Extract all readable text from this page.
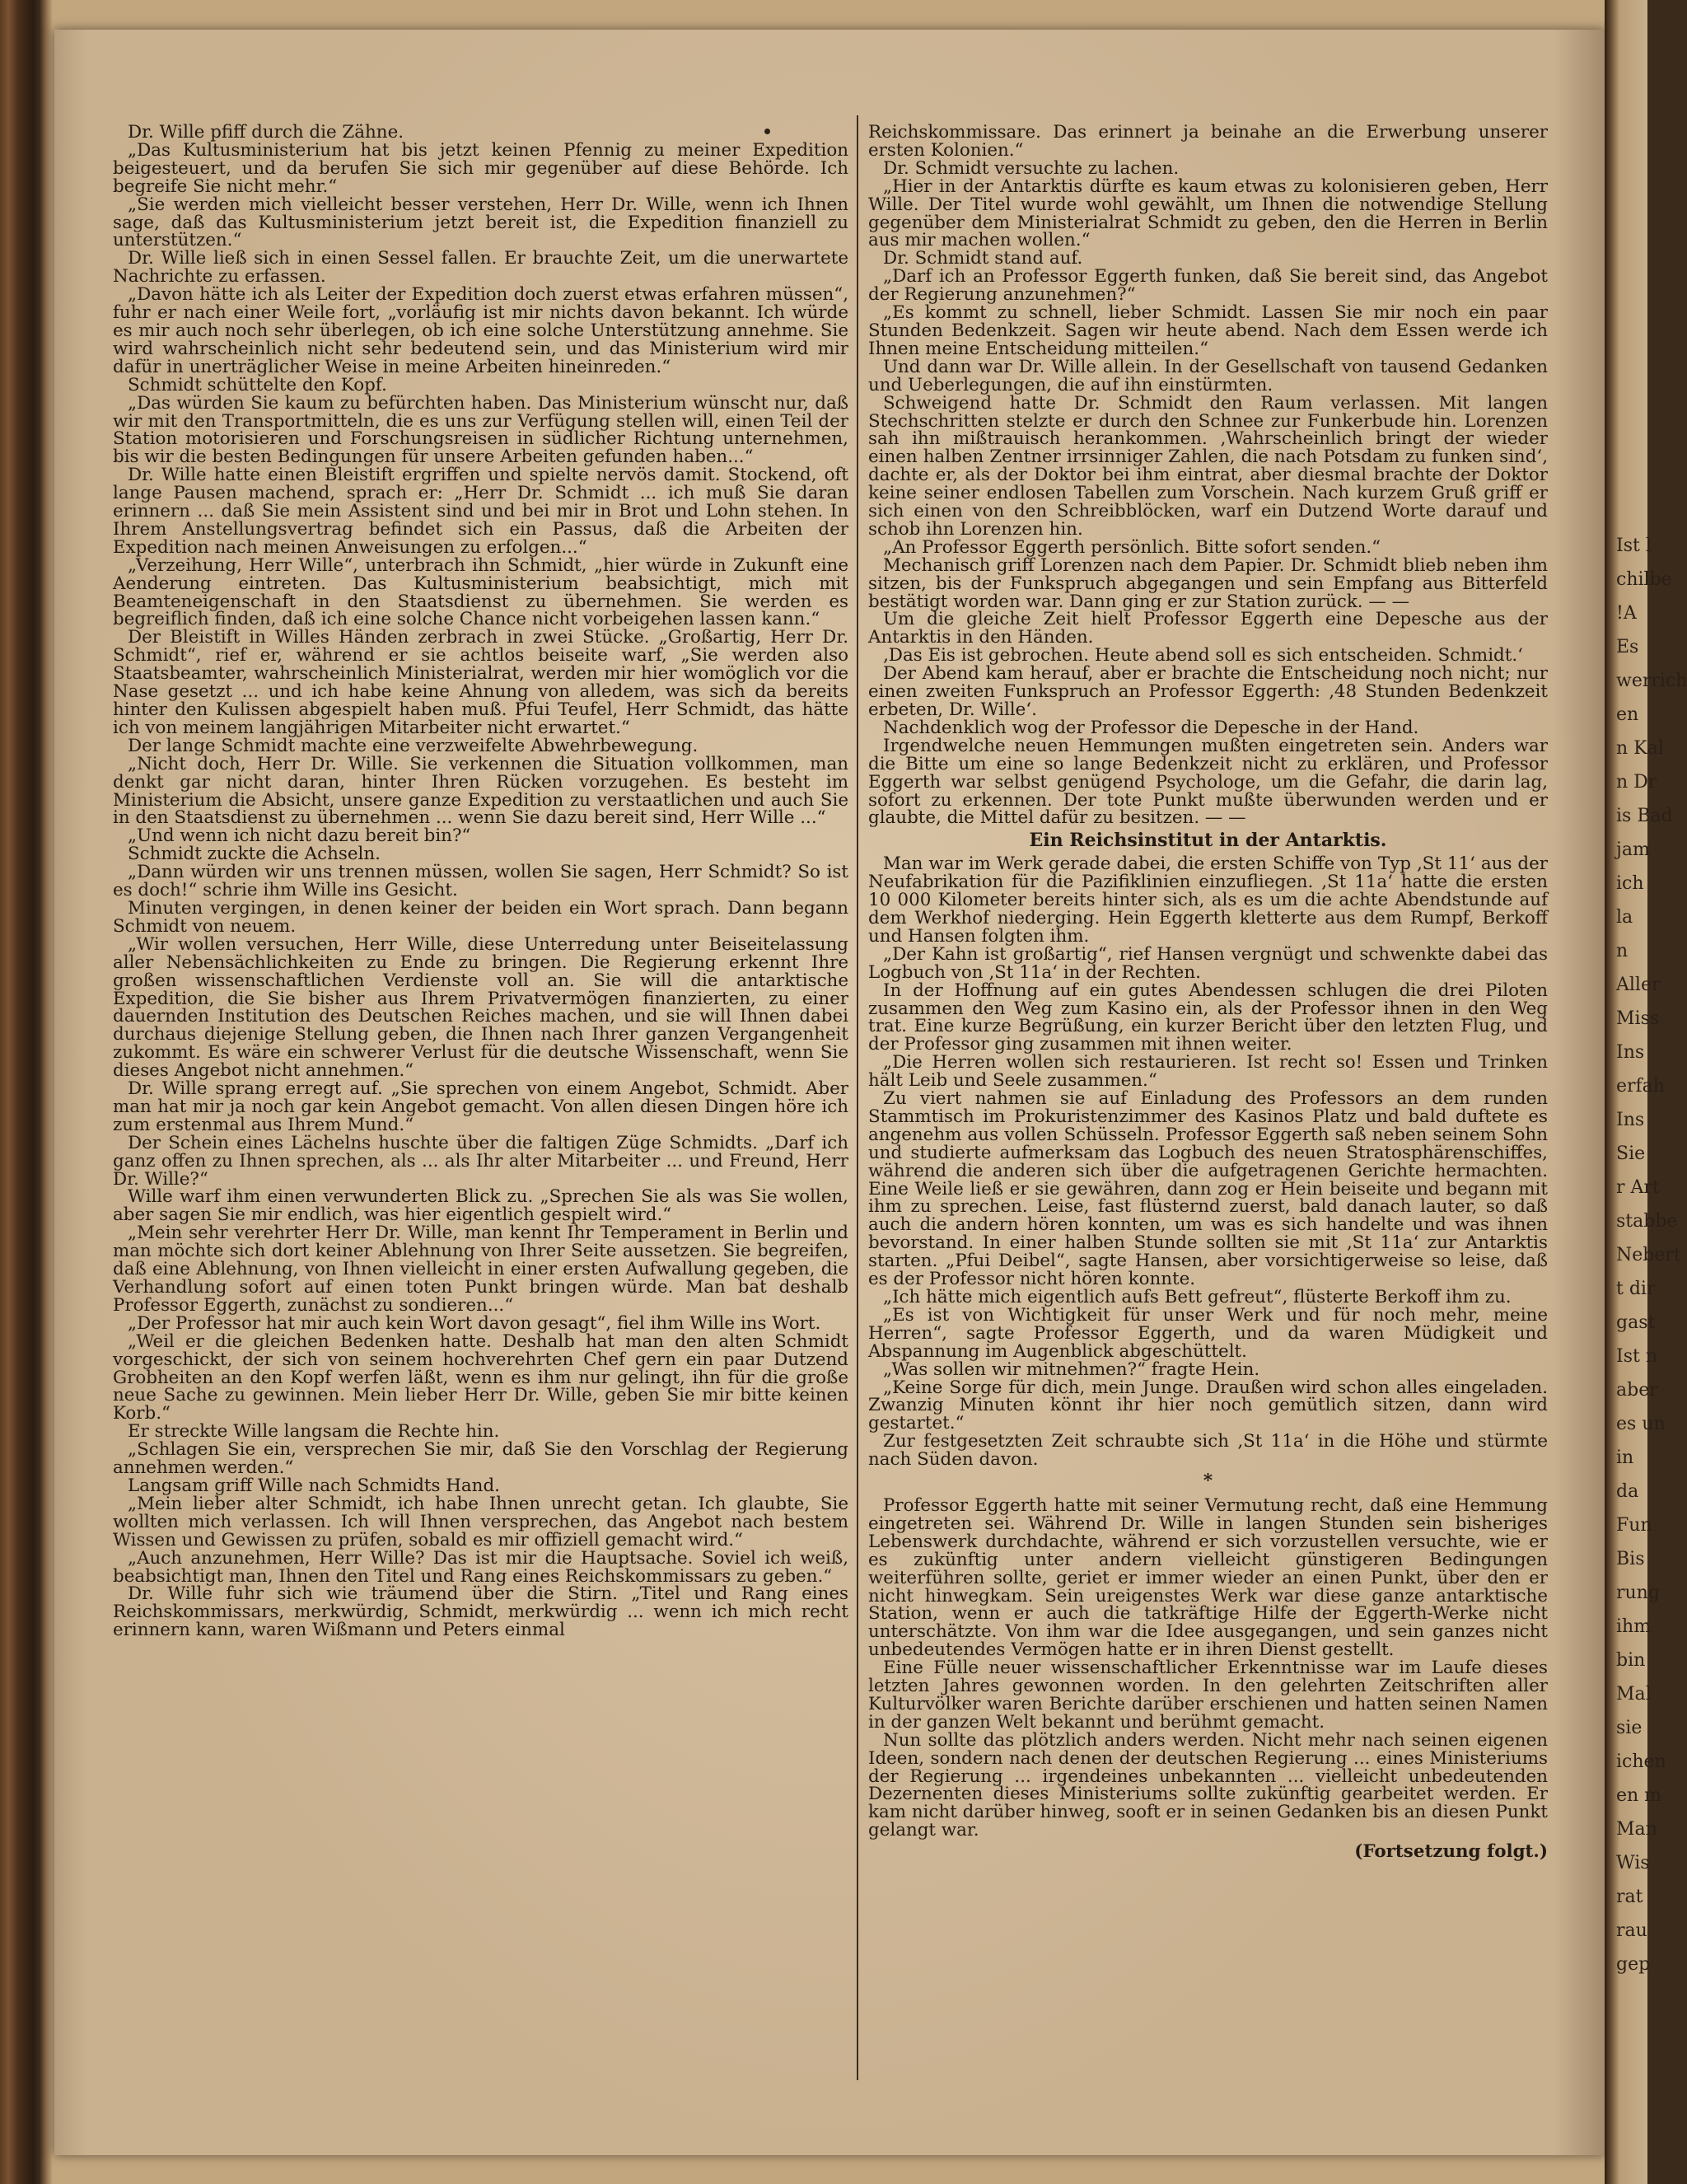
Dr. Wille pfiff durch die Zähne.

„Das Kultusministerium hat bis jetzt keinen Pfennig zu meiner Expedition beigesteuert, und da berufen Sie sich mir gegenüber auf diese Behörde. Ich begreife Sie nicht mehr.“

„Sie werden mich vielleicht besser verstehen, Herr Dr. Wille, wenn ich Ihnen sage, daß das Kultusministerium jetzt bereit ist, die Expedition finanziell zu unterstützen.“

Dr. Wille ließ sich in einen Sessel fallen. Er brauchte Zeit, um die unerwartete Nachrichte zu erfassen.

„Davon hätte ich als Leiter der Expedition doch zuerst etwas erfahren müssen“, fuhr er nach einer Weile fort, „vorläufig ist mir nichts davon bekannt. Ich würde es mir auch noch sehr überlegen, ob ich eine solche Unterstützung annehme. Sie wird wahrscheinlich nicht sehr bedeutend sein, und das Ministerium wird mir dafür in unerträglicher Weise in meine Arbeiten hineinreden.“

Schmidt schüttelte den Kopf.

„Das würden Sie kaum zu befürchten haben. Das Ministerium wünscht nur, daß wir mit den Transportmitteln, die es uns zur Verfügung stellen will, einen Teil der Station motorisieren und Forschungsreisen in südlicher Richtung unternehmen, bis wir die besten Bedingungen für unsere Arbeiten gefunden haben...“

Dr. Wille hatte einen Bleistift ergriffen und spielte nervös damit. Stockend, oft lange Pausen machend, sprach er: „Herr Dr. Schmidt ... ich muß Sie daran erinnern ... daß Sie mein Assistent sind und bei mir in Brot und Lohn stehen. In Ihrem Anstellungsvertrag befindet sich ein Passus, daß die Arbeiten der Expedition nach meinen Anweisungen zu erfolgen...“

„Verzeihung, Herr Wille“, unterbrach ihn Schmidt, „hier würde in Zukunft eine Aenderung eintreten. Das Kultusministerium beabsichtigt, mich mit Beamteneigenschaft in den Staatsdienst zu übernehmen. Sie werden es begreiflich finden, daß ich eine solche Chance nicht vorbeigehen lassen kann.“

Der Bleistift in Willes Händen zerbrach in zwei Stücke. „Großartig, Herr Dr. Schmidt“, rief er, während er sie achtlos beiseite warf, „Sie werden also Staatsbeamter, wahrscheinlich Ministerialrat, werden mir hier womöglich vor die Nase gesetzt ... und ich habe keine Ahnung von alledem, was sich da bereits hinter den Kulissen abgespielt haben muß. Pfui Teufel, Herr Schmidt, das hätte ich von meinem langjährigen Mitarbeiter nicht erwartet.“

Der lange Schmidt machte eine verzweifelte Abwehrbewegung.

„Nicht doch, Herr Dr. Wille. Sie verkennen die Situation vollkommen, man denkt gar nicht daran, hinter Ihren Rücken vorzugehen. Es besteht im Ministerium die Absicht, unsere ganze Expedition zu verstaatlichen und auch Sie in den Staatsdienst zu übernehmen ... wenn Sie dazu bereit sind, Herr Wille ...“

„Und wenn ich nicht dazu bereit bin?“

Schmidt zuckte die Achseln.

„Dann würden wir uns trennen müssen, wollen Sie sagen, Herr Schmidt? So ist es doch!“ schrie ihm Wille ins Gesicht.

Minuten vergingen, in denen keiner der beiden ein Wort sprach. Dann begann Schmidt von neuem.

„Wir wollen versuchen, Herr Wille, diese Unterredung unter Beiseitelassung aller Nebensächlichkeiten zu Ende zu bringen. Die Regierung erkennt Ihre großen wissenschaftlichen Verdienste voll an. Sie will die antarktische Expedition, die Sie bisher aus Ihrem Privatvermögen finanzierten, zu einer dauernden Institution des Deutschen Reiches machen, und sie will Ihnen dabei durchaus diejenige Stellung geben, die Ihnen nach Ihrer ganzen Vergangenheit zukommt. Es wäre ein schwerer Verlust für die deutsche Wissenschaft, wenn Sie dieses Angebot nicht annehmen.“

Dr. Wille sprang erregt auf. „Sie sprechen von einem Angebot, Schmidt. Aber man hat mir ja noch gar kein Angebot gemacht. Von allen diesen Dingen höre ich zum erstenmal aus Ihrem Mund.“

Der Schein eines Lächelns huschte über die faltigen Züge Schmidts. „Darf ich ganz offen zu Ihnen sprechen, als ... als Ihr alter Mitarbeiter ... und Freund, Herr Dr. Wille?“

Wille warf ihm einen verwunderten Blick zu. „Sprechen Sie als was Sie wollen, aber sagen Sie mir endlich, was hier eigentlich gespielt wird.“

„Mein sehr verehrter Herr Dr. Wille, man kennt Ihr Temperament in Berlin und man möchte sich dort keiner Ablehnung von Ihrer Seite aussetzen. Sie begreifen, daß eine Ablehnung, von Ihnen vielleicht in einer ersten Aufwallung gegeben, die Verhandlung sofort auf einen toten Punkt bringen würde. Man bat deshalb Professor Eggerth, zunächst zu sondieren...“

„Der Professor hat mir auch kein Wort davon gesagt“, fiel ihm Wille ins Wort.

„Weil er die gleichen Bedenken hatte. Deshalb hat man den alten Schmidt vorgeschickt, der sich von seinem hochverehrten Chef gern ein paar Dutzend Grobheiten an den Kopf werfen läßt, wenn es ihm nur gelingt, ihn für die große neue Sache zu gewinnen. Mein lieber Herr Dr. Wille, geben Sie mir bitte keinen Korb.“

Er streckte Wille langsam die Rechte hin.

„Schlagen Sie ein, versprechen Sie mir, daß Sie den Vorschlag der Regierung annehmen werden.“

Langsam griff Wille nach Schmidts Hand.

„Mein lieber alter Schmidt, ich habe Ihnen unrecht getan. Ich glaubte, Sie wollten mich verlassen. Ich will Ihnen versprechen, das Angebot nach bestem Wissen und Gewissen zu prüfen, sobald es mir offiziell gemacht wird.“

„Auch anzunehmen, Herr Wille? Das ist mir die Hauptsache. Soviel ich weiß, beabsichtigt man, Ihnen den Titel und Rang eines Reichskommissars zu geben.“

Dr. Wille fuhr sich wie träumend über die Stirn. „Titel und Rang eines Reichskommissars, merkwürdig, Schmidt, merkwürdig ... wenn ich mich recht erinnern kann, waren Wißmann und Peters einmal

Reichskommissare. Das erinnert ja beinahe an die Erwerbung unserer ersten Kolonien.“

Dr. Schmidt versuchte zu lachen.

„Hier in der Antarktis dürfte es kaum etwas zu kolonisieren geben, Herr Wille. Der Titel wurde wohl gewählt, um Ihnen die notwendige Stellung gegenüber dem Ministerialrat Schmidt zu geben, den die Herren in Berlin aus mir machen wollen.“

Dr. Schmidt stand auf.

„Darf ich an Professor Eggerth funken, daß Sie bereit sind, das Angebot der Regierung anzunehmen?“

„Es kommt zu schnell, lieber Schmidt. Lassen Sie mir noch ein paar Stunden Bedenkzeit. Sagen wir heute abend. Nach dem Essen werde ich Ihnen meine Entscheidung mitteilen.“

Und dann war Dr. Wille allein. In der Gesellschaft von tausend Gedanken und Ueberlegungen, die auf ihn einstürmten.

Schweigend hatte Dr. Schmidt den Raum verlassen. Mit langen Stechschritten stelzte er durch den Schnee zur Funkerbude hin. Lorenzen sah ihn mißtrauisch herankommen. ‚Wahrscheinlich bringt der wieder einen halben Zentner irrsinniger Zahlen, die nach Potsdam zu funken sind‘, dachte er, als der Doktor bei ihm eintrat, aber diesmal brachte der Doktor keine seiner endlosen Tabellen zum Vorschein. Nach kurzem Gruß griff er sich einen von den Schreibblöcken, warf ein Dutzend Worte darauf und schob ihn Lorenzen hin.

„An Professor Eggerth persönlich. Bitte sofort senden.“

Mechanisch griff Lorenzen nach dem Papier. Dr. Schmidt blieb neben ihm sitzen, bis der Funkspruch abgegangen und sein Empfang aus Bitterfeld bestätigt worden war. Dann ging er zur Station zurück. — —

Um die gleiche Zeit hielt Professor Eggerth eine Depesche aus der Antarktis in den Händen.

‚Das Eis ist gebrochen. Heute abend soll es sich entscheiden. Schmidt.‘

Der Abend kam herauf, aber er brachte die Entscheidung noch nicht; nur einen zweiten Funkspruch an Professor Eggerth: ‚48 Stunden Bedenkzeit erbeten, Dr. Wille‘.

Nachdenklich wog der Professor die Depesche in der Hand.

Irgendwelche neuen Hemmungen mußten eingetreten sein. Anders war die Bitte um eine so lange Bedenkzeit nicht zu erklären, und Professor Eggerth war selbst genügend Psychologe, um die Gefahr, die darin lag, sofort zu erkennen. Der tote Punkt mußte überwunden werden und er glaubte, die Mittel dafür zu besitzen. — —

Ein Reichsinstitut in der Antarktis.

Man war im Werk gerade dabei, die ersten Schiffe von Typ ‚St 11‘ aus der Neufabrikation für die Pazifiklinien einzufliegen. ‚St 11a‘ hatte die ersten 10 000 Kilometer bereits hinter sich, als es um die achte Abendstunde auf dem Werkhof niederging. Hein Eggerth kletterte aus dem Rumpf, Berkoff und Hansen folgten ihm.

„Der Kahn ist großartig“, rief Hansen vergnügt und schwenkte dabei das Logbuch von ‚St 11a‘ in der Rechten.

In der Hoffnung auf ein gutes Abendessen schlugen die drei Piloten zusammen den Weg zum Kasino ein, als der Professor ihnen in den Weg trat. Eine kurze Begrüßung, ein kurzer Bericht über den letzten Flug, und der Professor ging zusammen mit ihnen weiter.

„Die Herren wollen sich restaurieren. Ist recht so! Essen und Trinken hält Leib und Seele zusammen.“

Zu viert nahmen sie auf Einladung des Professors an dem runden Stammtisch im Prokuristenzimmer des Kasinos Platz und bald duftete es angenehm aus vollen Schüsseln. Professor Eggerth saß neben seinem Sohn und studierte aufmerksam das Logbuch des neuen Stratosphärenschiffes, während die anderen sich über die aufgetragenen Gerichte hermachten. Eine Weile ließ er sie gewähren, dann zog er Hein beiseite und begann mit ihm zu sprechen. Leise, fast flüsternd zuerst, bald danach lauter, so daß auch die andern hören konnten, um was es sich handelte und was ihnen bevorstand. In einer halben Stunde sollten sie mit ‚St 11a‘ zur Antarktis starten. „Pfui Deibel“, sagte Hansen, aber vorsichtigerweise so leise, daß es der Professor nicht hören konnte.

„Ich hätte mich eigentlich aufs Bett gefreut“, flüsterte Berkoff ihm zu.

„Es ist von Wichtigkeit für unser Werk und für noch mehr, meine Herren“, sagte Professor Eggerth, und da waren Müdigkeit und Abspannung im Augenblick abgeschüttelt.

„Was sollen wir mitnehmen?“ fragte Hein.

„Keine Sorge für dich, mein Junge. Draußen wird schon alles eingeladen. Zwanzig Minuten könnt ihr hier noch gemütlich sitzen, dann wird gestartet.“

Zur festgesetzten Zeit schraubte sich ‚St 11a‘ in die Höhe und stürmte nach Süden davon.

*

Professor Eggerth hatte mit seiner Vermutung recht, daß eine Hemmung eingetreten sei. Während Dr. Wille in langen Stunden sein bisheriges Lebenswerk durchdachte, während er sich vorzustellen versuchte, wie er es zukünftig unter andern vielleicht günstigeren Bedingungen weiterführen sollte, geriet er immer wieder an einen Punkt, über den er nicht hinwegkam. Sein ureigenstes Werk war diese ganze antarktische Station, wenn er auch die tatkräftige Hilfe der Eggerth-Werke nicht unterschätzte. Von ihm war die Idee ausgegangen, und sein ganzes nicht unbedeutendes Vermögen hatte er in ihren Dienst gestellt.

Eine Fülle neuer wissenschaftlicher Erkenntnisse war im Laufe dieses letzten Jahres gewonnen worden. In den gelehrten Zeitschriften aller Kulturvölker waren Berichte darüber erschienen und hatten seinen Namen in der ganzen Welt bekannt und berühmt gemacht.

Nun sollte das plötzlich anders werden. Nicht mehr nach seinen eigenen Ideen, sondern nach denen der deutschen Regierung ... eines Ministeriums der Regierung ... irgendeines unbekannten ... vielleicht unbedeutenden Dezernenten dieses Ministeriums sollte zukünftig gearbeitet werden. Er kam nicht darüber hinweg, sooft er in seinen Gedanken bis an diesen Punkt gelangt war.

(Fortsetzung folgt.)

Ist l
chilbe
!A
Es
werrich
en
n Kal
n Dr
is Bad
jam
ich
la
n
Aller
Miss
Ins
erfah
Ins
Sie
r Art
stabbe
Nebert
t dir
gast
Ist n
aber
es un
in
da
Fun
Bis
rung
ihm
bin
Mal
sie
ichen
en m
Man
Wis
rat
rau
gep
